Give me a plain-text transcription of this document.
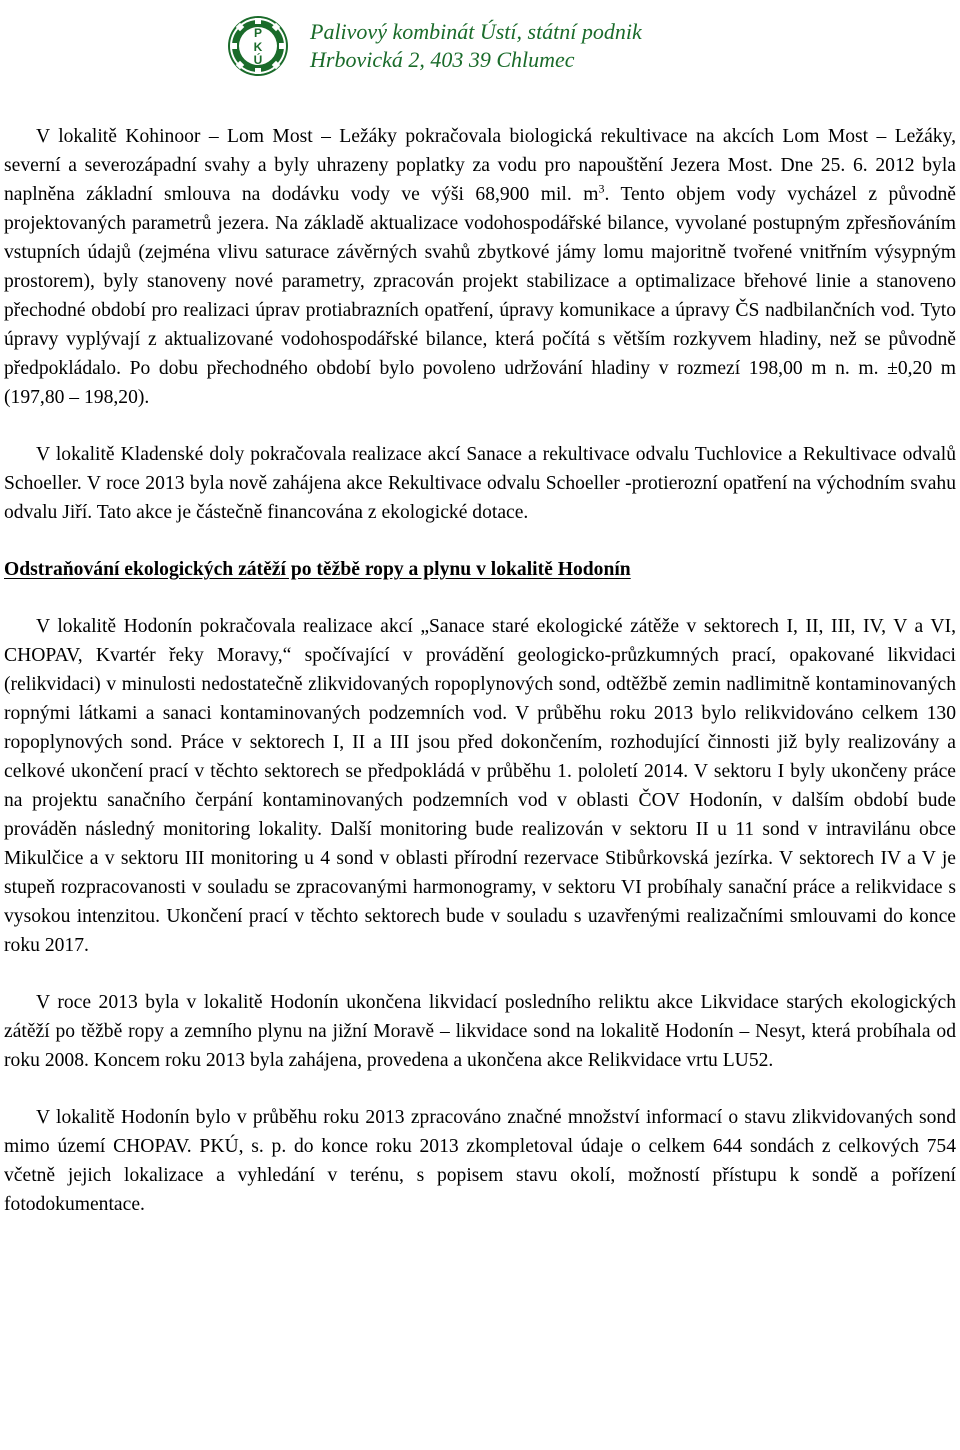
P
K
Ú
Palivový kombinát Ústí, státní podnik
Hrbovická 2, 403 39 Chlumec

V lokalitě Kohinoor – Lom Most – Ležáky pokračovala biologická rekultivace na akcích Lom Most – Ležáky, severní a severozápadní svahy a byly uhrazeny poplatky za vodu pro napouštění Jezera Most. Dne 25. 6. 2012 byla naplněna základní smlouva na dodávku vody ve výši 68,900 mil. $m^3$. Tento objem vody vycházel z původně projektovaných parametrů jezera. Na základě aktualizace vodohospodářské bilance, vyvolané postupným zpřesňováním vstupních údajů (zejména vlivu saturace závěrných svahů zbytkové jámy lomu majoritně tvořené vnitřním výsypným prostorem), byly stanoveny nové parametry, zpracován projekt stabilizace a optimalizace břehové linie a stanoveno přechodné období pro realizaci úprav protiabrazních opatření, úpravy komunikace a úpravy ČS nadbilančních vod. Tyto úpravy vyplývají z aktualizované vodohospodářské bilance, která počítá s větším rozkyvem hladiny, než se původně předpokládalo. Po dobu přechodného období bylo povoleno udržování hladiny v rozmezí 198,00 m n. m. ±0,20 m (197,80 – 198,20).

V lokalitě Kladenské doly pokračovala realizace akcí Sanace a rekultivace odvalu Tuchlovice a Rekultivace odvalů Schoeller. V roce 2013 byla nově zahájena akce Rekultivace odvalu Schoeller -protierozní opatření na východním svahu odvalu Jiří. Tato akce je částečně financována z ekologické dotace.

Odstraňování ekologických zátěží po těžbě ropy a plynu v lokalitě Hodonín

V lokalitě Hodonín pokračovala realizace akcí „Sanace staré ekologické zátěže v sektorech I, II, III, IV, V a VI, CHOPAV, Kvartér řeky Moravy,“ spočívající v provádění geologicko-průzkumných prací, opakované likvidaci (relikvidaci) v minulosti nedostatečně zlikvidovaných ropoplynových sond, odtěžbě zemin nadlimitně kontaminovaných ropnými látkami a sanaci kontaminovaných podzemních vod. V průběhu roku 2013 bylo relikvidováno celkem 130 ropoplynových sond. Práce v sektorech I, II a III jsou před dokončením, rozhodující činnosti již byly realizovány a celkové ukončení prací v těchto sektorech se předpokládá v průběhu 1. pololetí 2014. V sektoru I byly ukončeny práce na projektu sanačního čerpání kontaminovaných podzemních vod v oblasti ČOV Hodonín, v dalším období bude prováděn následný monitoring lokality. Další monitoring bude realizován v sektoru II u 11 sond v intravilánu obce Mikulčice a v sektoru III monitoring u 4 sond v oblasti přírodní rezervace Stibůrkovská jezírka. V sektorech IV a V je stupeň rozpracovanosti v souladu se zpracovanými harmonogramy, v sektoru VI probíhaly sanační práce a relikvidace s vysokou intenzitou. Ukončení prací v těchto sektorech bude v souladu s uzavřenými realizačními smlouvami do konce roku 2017.

V roce 2013 byla v lokalitě Hodonín ukončena likvidací posledního reliktu akce Likvidace starých ekologických zátěží po těžbě ropy a zemního plynu na jižní Moravě – likvidace sond na lokalitě Hodonín – Nesyt, která probíhala od roku 2008. Koncem roku 2013 byla zahájena, provedena a ukončena akce Relikvidace vrtu LU52.

V lokalitě Hodonín bylo v průběhu roku 2013 zpracováno značné množství informací o stavu zlikvidovaných sond mimo území CHOPAV. PKÚ, s. p. do konce roku 2013 zkompletoval údaje o celkem 644 sondách z celkových 754 včetně jejich lokalizace a vyhledání v terénu, s popisem stavu okolí, možností přístupu k sondě a pořízení fotodokumentace.
